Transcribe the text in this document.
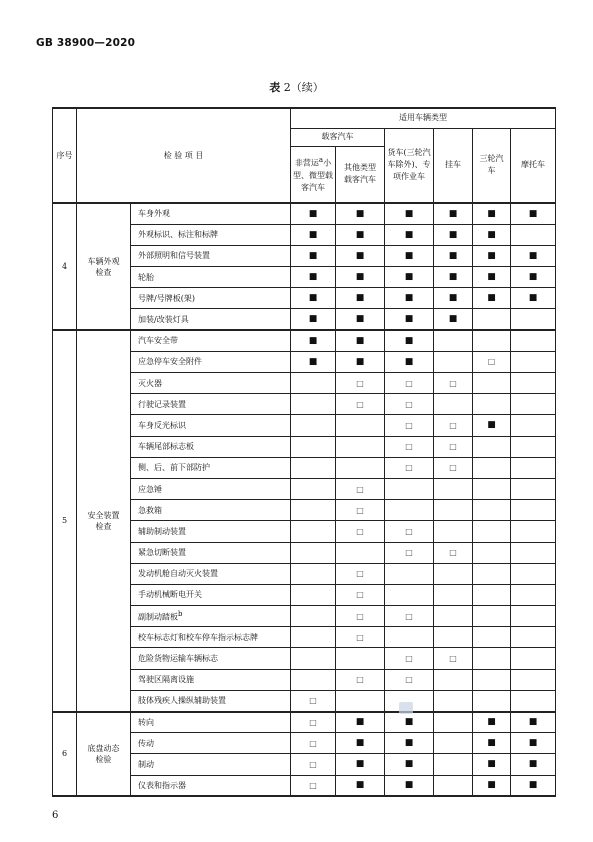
GB 38900—2020
表 2（续）
序号	检 验 项 目		适用车辆类型					
			载客汽车		货车(三轮汽车除外)、专项作业车	挂车	三轮汽车	摩托车
			非营运$^a$小型、微型载客汽车	其他类型载客汽车				
4	车辆外观检查	车身外观	■	■	■	■	■	■
		外观标识、标注和标牌	■	■	■	■	■	
		外部照明和信号装置	■	■	■	■	■	■
		轮胎	■	■	■	■	■	■
		号牌/号牌板(架)	■	■	■	■	■	■
		加装/改装灯具	■	■	■	■		
5	安全装置检查	汽车安全带	■	■	■			
		应急停车安全附件	■	■	■		□	
		灭火器		□	□	□		
		行驶记录装置		□	□			
		车身反光标识			□	□	■	
		车辆尾部标志板			□	□		
		侧、后、前下部防护			□	□		
		应急锤		□				
		急救箱		□				
		辅助制动装置		□	□			
		紧急切断装置			□	□		
		发动机舱自动灭火装置		□				
		手动机械断电开关		□				
		副制动踏板$^b$		□	□			
		校车标志灯和校车停车指示标志牌		□				
		危险货物运输车辆标志			□	□		
		驾驶区隔离设施		□	□			
		肢体残疾人操纵辅助装置	□					
6	底盘动态检验	转向	□	■	■		■	■
		传动	□	■	■		■	■
		制动	□	■	■		■	■
		仪表和指示器	□	■	■		■	■
6
